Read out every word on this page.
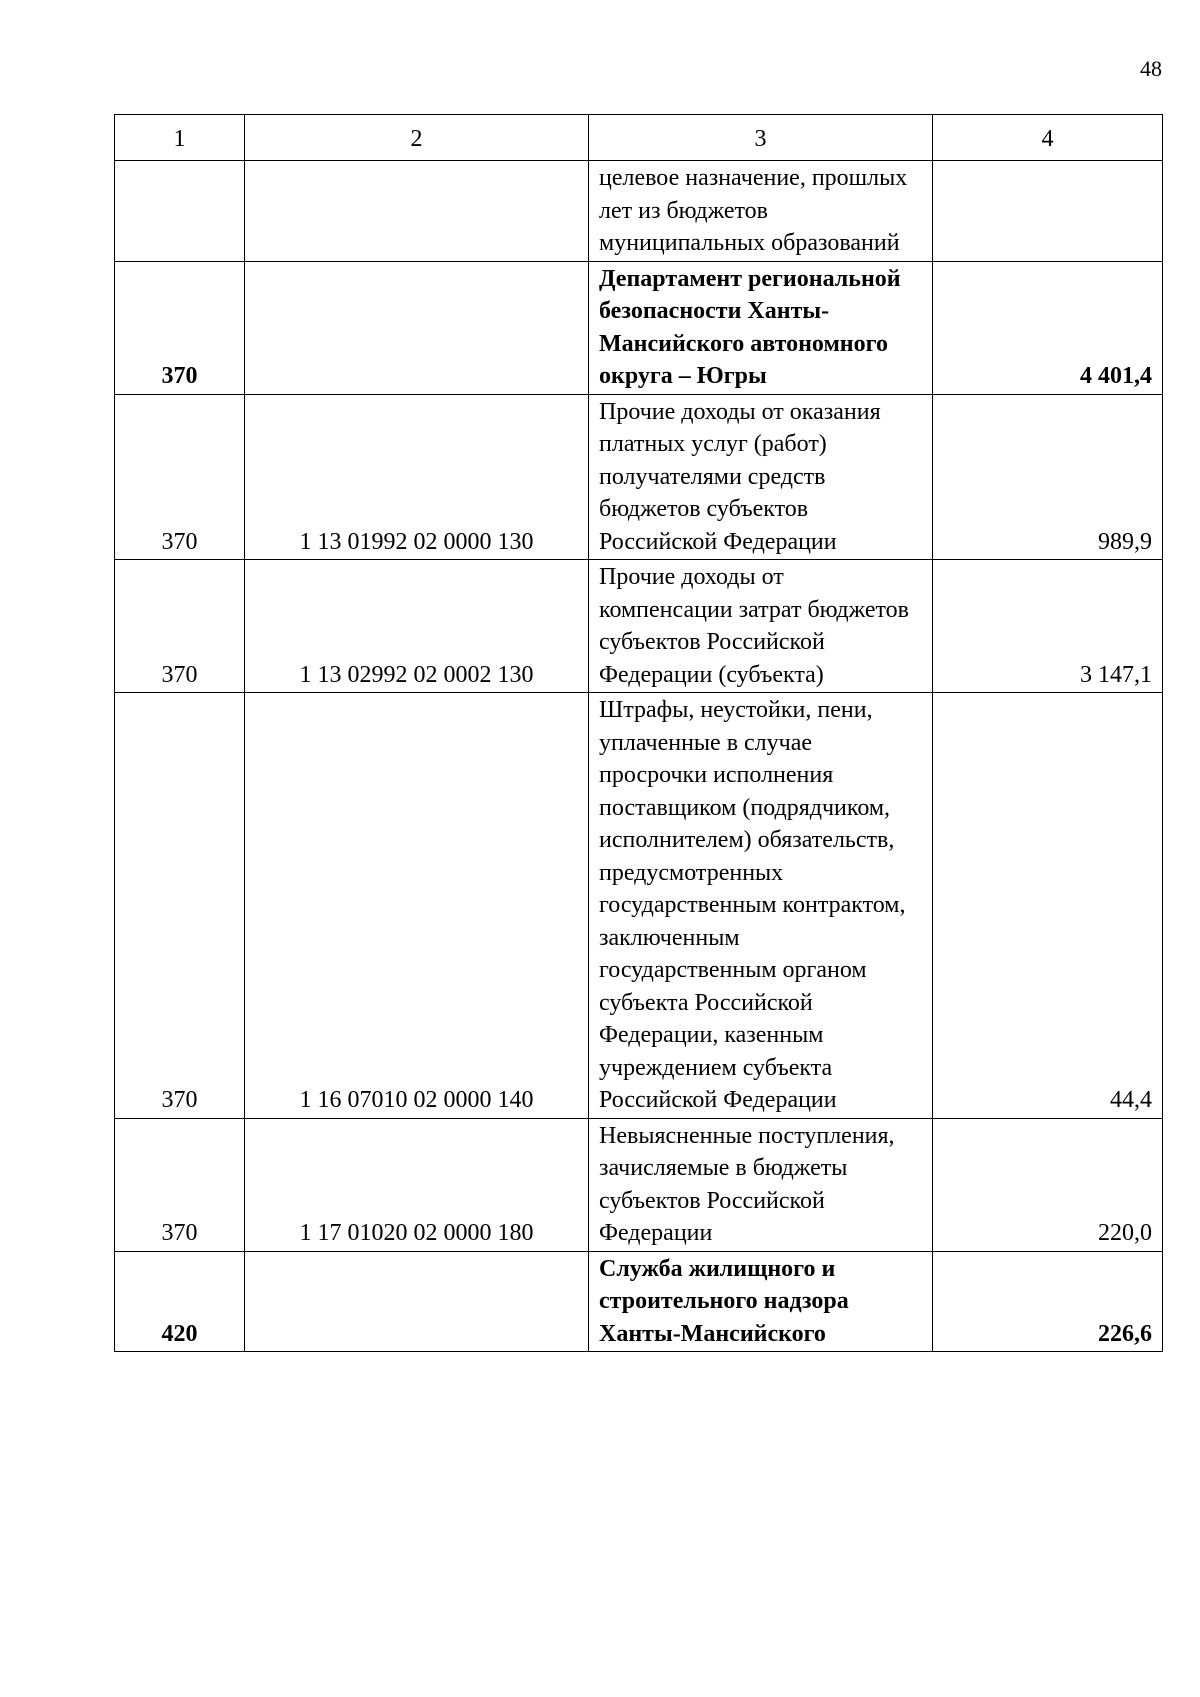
48
1	2	3	4
		целевое назначение, прошлых лет из бюджетов муниципальных образований	
370		Департамент региональной безопасности Ханты-Мансийского автономного округа – Югры	4 401,4
370	1 13 01992 02 0000 130	Прочие доходы от оказания платных услуг (работ) получателями средств бюджетов субъектов Российской Федерации	989,9
370	1 13 02992 02 0002 130	Прочие доходы от компенсации затрат бюджетов субъектов Российской Федерации (субъекта)	3 147,1
370	1 16 07010 02 0000 140	Штрафы, неустойки, пени, уплаченные в случае просрочки исполнения поставщиком (подрядчиком, исполнителем) обязательств, предусмотренных государственным контрактом, заключенным государственным органом субъекта Российской Федерации, казенным учреждением субъекта Российской Федерации	44,4
370	1 17 01020 02 0000 180	Невыясненные поступления, зачисляемые в бюджеты субъектов Российской Федерации	220,0
420		Служба жилищного и строительного надзора Ханты-Мансийского	226,6
